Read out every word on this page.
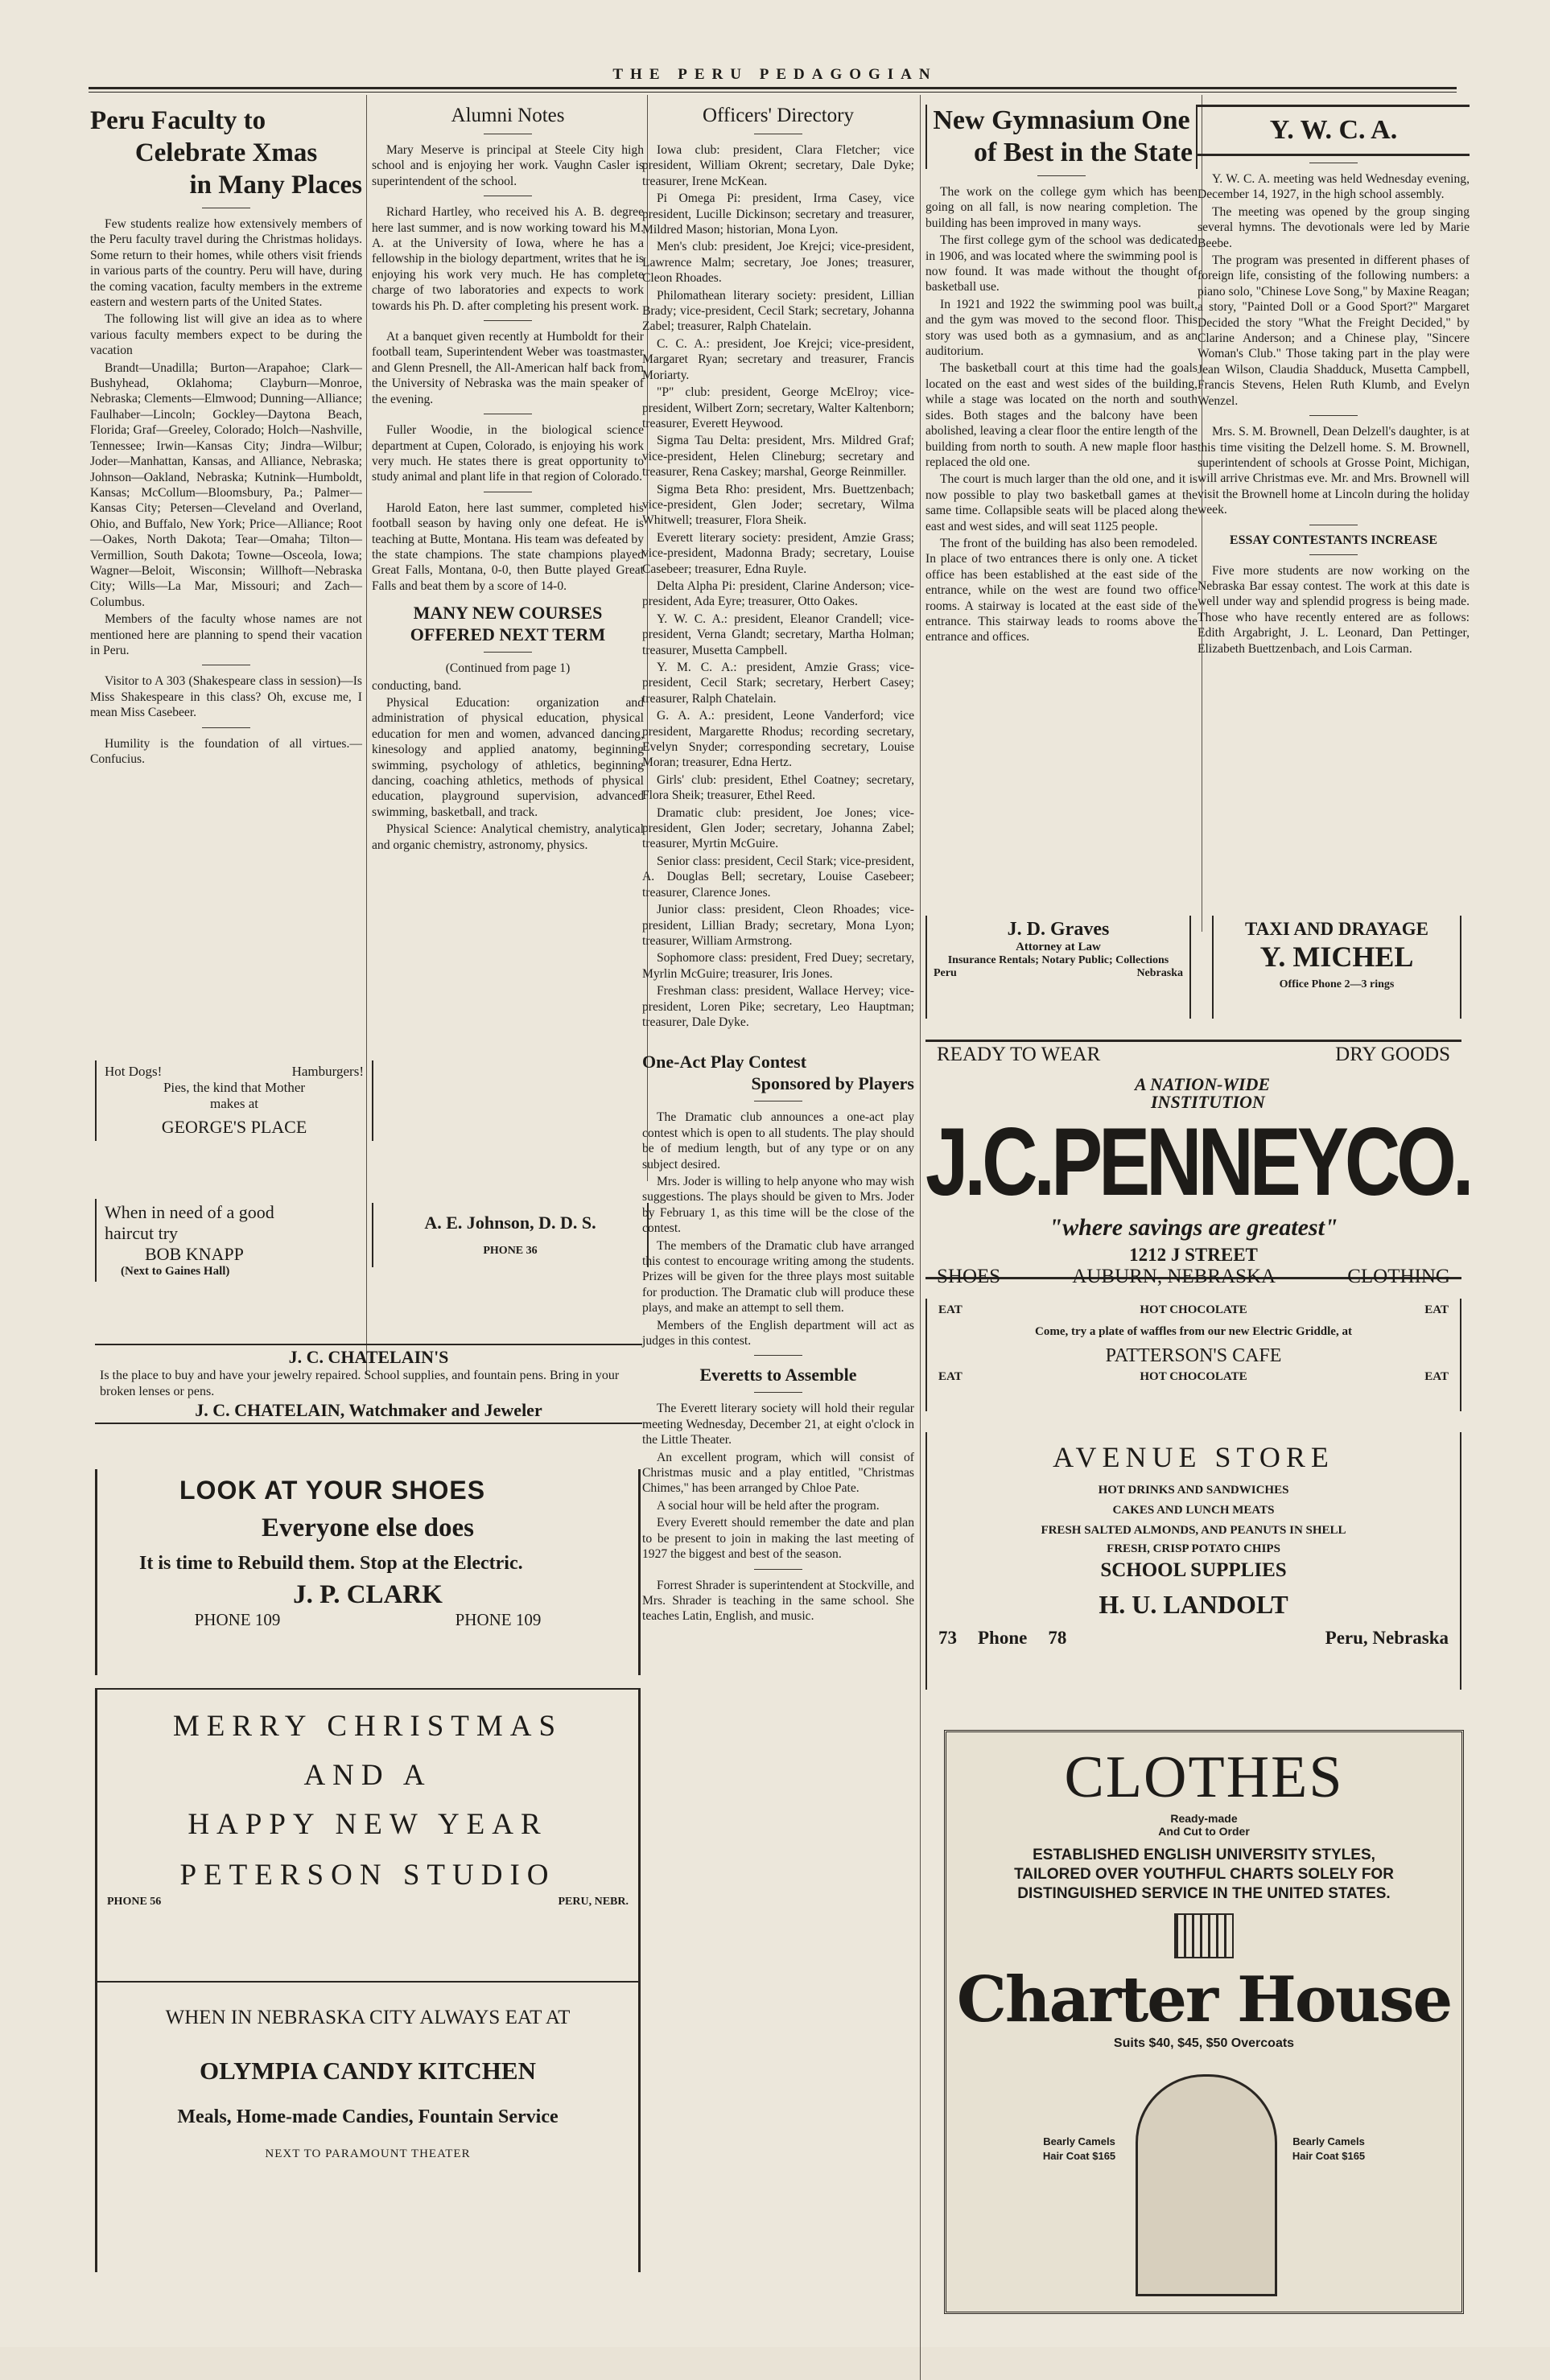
THE PERU PEDAGOGIAN
Peru Faculty to
Celebrate Xmas
in Many Places

Few students realize how extensively members of the Peru faculty travel during the Christmas holidays. Some return to their homes, while others visit friends in various parts of the country. Peru will have, during the coming vacation, faculty members in the extreme eastern and western parts of the United States.

The following list will give an idea as to where various faculty members expect to be during the vacation

Brandt—Unadilla; Burton—Arapahoe; Clark—Bushyhead, Oklahoma; Clayburn—Monroe, Nebraska; Clements—Elmwood; Dunning—Alliance; Faulhaber—Lincoln; Gockley—Daytona Beach, Florida; Graf—Greeley, Colorado; Holch—Nashville, Tennessee; Irwin—Kansas City; Jindra—Wilbur; Joder—Manhattan, Kansas, and Alliance, Nebraska; Johnson—Oakland, Nebraska; Kutnink—Humboldt, Kansas; McCollum—Bloomsbury, Pa.; Palmer—Kansas City; Petersen—Cleveland and Overland, Ohio, and Buffalo, New York; Price—Alliance; Root—Oakes, North Dakota; Tear—Omaha; Tilton—Vermillion, South Dakota; Towne—Osceola, Iowa; Wagner—Beloit, Wisconsin; Willhoft—Nebraska City; Wills—La Mar, Missouri; and Zach—Columbus.

Members of the faculty whose names are not mentioned here are planning to spend their vacation in Peru.

Visitor to A 303 (Shakespeare class in session)—Is Miss Shakespeare in this class? Oh, excuse me, I mean Miss Casebeer.

Humility is the foundation of all virtues.—Confucius.

Alumni Notes

Mary Meserve is principal at Steele City high school and is enjoying her work. Vaughn Casler is superintendent of the school.

Richard Hartley, who received his A. B. degree here last summer, and is now working toward his M. A. at the University of Iowa, where he has a fellowship in the biology department, writes that he is enjoying his work very much. He has complete charge of two laboratories and expects to work towards his Ph. D. after completing his present work.

At a banquet given recently at Humboldt for their football team, Superintendent Weber was toastmaster and Glenn Presnell, the All-American half back from the University of Nebraska was the main speaker of the evening.

Fuller Woodie, in the biological science department at Cupen, Colorado, is enjoying his work very much. He states there is great opportunity to study animal and plant life in that region of Colorado.

Harold Eaton, here last summer, completed his football season by having only one defeat. He is teaching at Butte, Montana. His team was defeated by the state champions. The state champions played Great Falls, Montana, 0-0, then Butte played Great Falls and beat them by a score of 14-0.

MANY NEW COURSES
OFFERED NEXT TERM

(Continued from page 1)

conducting, band.

Physical Education: organization and administration of physical education, physical education for men and women, advanced dancing, kinesology and applied anatomy, beginning swimming, psychology of athletics, beginning dancing, coaching athletics, methods of physical education, playground supervision, advanced swimming, basketball, and track.

Physical Science: Analytical chemistry, analytical and organic chemistry, astronomy, physics.

Hot Dogs!	Hamburgers!
Pies, the kind that Mother
makes at
GEORGE'S PLACE
When in need of a good
haircut try
BOB KNAPP
(Next to Gaines Hall)
A. E. Johnson, D. D. S.
PHONE 36
J. C. CHATELAIN'S
Is the place to buy and have your jewelry repaired. School supplies, and fountain pens. Bring in your broken lenses or pens.
J. C. CHATELAIN, Watchmaker and Jeweler
LOOK AT YOUR SHOES
Everyone else does
It is time to Rebuild them. Stop at the Electric.
J. P. CLARK
PHONE 109	PHONE 109
MERRY CHRISTMAS
AND A
HAPPY NEW YEAR
PETERSON STUDIO
PHONE 56	PERU, NEBR.
WHEN IN NEBRASKA CITY ALWAYS EAT AT
OLYMPIA CANDY KITCHEN
Meals, Home-made Candies, Fountain Service
NEXT TO PARAMOUNT THEATER
Officers' Directory

Iowa club: president, Clara Fletcher; vice president, William Okrent; secretary, Dale Dyke; treasurer, Irene McKean.

Pi Omega Pi: president, Irma Casey, vice president, Lucille Dickinson; secretary and treasurer, Mildred Mason; historian, Mona Lyon.

Men's club: president, Joe Krejci; vice-president, Lawrence Malm; secretary, Joe Jones; treasurer, Cleon Rhoades.

Philomathean literary society: president, Lillian Brady; vice-president, Cecil Stark; secretary, Johanna Zabel; treasurer, Ralph Chatelain.

C. C. A.: president, Joe Krejci; vice-president, Margaret Ryan; secretary and treasurer, Francis Moriarty.

"P" club: president, George McElroy; vice-president, Wilbert Zorn; secretary, Walter Kaltenborn; treasurer, Everett Heywood.

Sigma Tau Delta: president, Mrs. Mildred Graf; vice-president, Helen Clineburg; secretary and treasurer, Rena Caskey; marshal, George Reinmiller.

Sigma Beta Rho: president, Mrs. Buettzenbach; vice-president, Glen Joder; secretary, Wilma Whitwell; treasurer, Flora Sheik.

Everett literary society: president, Amzie Grass; vice-president, Madonna Brady; secretary, Louise Casebeer; treasurer, Edna Ruyle.

Delta Alpha Pi: president, Clarine Anderson; vice-president, Ada Eyre; treasurer, Otto Oakes.

Y. W. C. A.: president, Eleanor Crandell; vice-president, Verna Glandt; secretary, Martha Holman; treasurer, Musetta Campbell.

Y. M. C. A.: president, Amzie Grass; vice-president, Cecil Stark; secretary, Herbert Casey; treasurer, Ralph Chatelain.

G. A. A.: president, Leone Vanderford; vice president, Margarette Rhodus; recording secretary, Evelyn Snyder; corresponding secretary, Louise Moran; treasurer, Edna Hertz.

Girls' club: president, Ethel Coatney; secretary, Flora Sheik; treasurer, Ethel Reed.

Dramatic club: president, Joe Jones; vice-president, Glen Joder; secretary, Johanna Zabel; treasurer, Myrtin McGuire.

Senior class: president, Cecil Stark; vice-president, A. Douglas Bell; secretary, Louise Casebeer; treasurer, Clarence Jones.

Junior class: president, Cleon Rhoades; vice-president, Lillian Brady; secretary, Mona Lyon; treasurer, William Armstrong.

Sophomore class: president, Fred Duey; secretary, Myrlin McGuire; treasurer, Iris Jones.

Freshman class: president, Wallace Hervey; vice-president, Loren Pike; secretary, Leo Hauptman; treasurer, Dale Dyke.

One-Act Play Contest
Sponsored by Players

The Dramatic club announces a one-act play contest which is open to all students. The play should be of medium length, but of any type or on any subject desired.

Mrs. Joder is willing to help anyone who may wish suggestions. The plays should be given to Mrs. Joder by February 1, as this time will be the close of the contest.

The members of the Dramatic club have arranged this contest to encourage writing among the students. Prizes will be given for the three plays most suitable for production. The Dramatic club will produce these plays, and make an attempt to sell them.

Members of the English department will act as judges in this contest.

Everetts to Assemble

The Everett literary society will hold their regular meeting Wednesday, December 21, at eight o'clock in the Little Theater.

An excellent program, which will consist of Christmas music and a play entitled, "Christmas Chimes," has been arranged by Chloe Pate.

A social hour will be held after the program.

Every Everett should remember the date and plan to be present to join in making the last meeting of 1927 the biggest and best of the season.

Forrest Shrader is superintendent at Stockville, and Mrs. Shrader is teaching in the same school. She teaches Latin, English, and music.

New Gymnasium One
of Best in the State

The work on the college gym which has been going on all fall, is now nearing completion. The building has been improved in many ways.

The first college gym of the school was dedicated in 1906, and was located where the swimming pool is now found. It was made without the thought of basketball use.

In 1921 and 1922 the swimming pool was built, and the gym was moved to the second floor. This story was used both as a gymnasium, and as an auditorium.

The basketball court at this time had the goals located on the east and west sides of the building, while a stage was located on the north and south sides. Both stages and the balcony have been abolished, leaving a clear floor the entire length of the building from north to south. A new maple floor has replaced the old one.

The court is much larger than the old one, and it is now possible to play two basketball games at the same time. Collapsible seats will be placed along the east and west sides, and will seat 1125 people.

The front of the building has also been remodeled. In place of two entrances there is only one. A ticket office has been established at the east side of the entrance, while on the west are found two office rooms. A stairway is located at the east side of the entrance. This stairway leads to rooms above the entrance and offices.

Y. W. C. A.

Y. W. C. A. meeting was held Wednesday evening, December 14, 1927, in the high school assembly.

The meeting was opened by the group singing several hymns. The devotionals were led by Marie Beebe.

The program was presented in different phases of foreign life, consisting of the following numbers: a piano solo, "Chinese Love Song," by Maxine Reagan; a story, "Painted Doll or a Good Sport?" Margaret Decided the story "What the Freight Decided," by Clarine Anderson; and a Chinese play, "Sincere Woman's Club." Those taking part in the play were Jean Wilson, Claudia Shadduck, Musetta Campbell, Francis Stevens, Helen Ruth Klumb, and Evelyn Wenzel.

Mrs. S. M. Brownell, Dean Delzell's daughter, is at this time visiting the Delzell home. S. M. Brownell, superintendent of schools at Grosse Point, Michigan, will arrive Christmas eve. Mr. and Mrs. Brownell will visit the Brownell home at Lincoln during the holiday week.

ESSAY CONTESTANTS INCREASE

Five more students are now working on the Nebraska Bar essay contest. The work at this date is well under way and splendid progress is being made. Those who have recently entered are as follows: Edith Argabright, J. L. Leonard, Dan Pettinger, Elizabeth Buettzenbach, and Lois Carman.

J. D. Graves
Attorney at Law
Insurance Rentals; Notary Public; Collections
Peru	Nebraska
TAXI AND DRAYAGE
Y. MICHEL
Office Phone 2—3 rings
READY TO WEAR	DRY GOODS
A NATION-WIDE
INSTITUTION
J.C.PENNEYCO.
"where savings are greatest"
1212 J STREET
SHOES	AUBURN, NEBRASKA	CLOTHING
EAT	HOT CHOCOLATE	EAT
Come, try a plate of waffles from our new Electric Griddle, at
PATTERSON'S CAFE
EAT	HOT CHOCOLATE	EAT
AVENUE STORE
HOT DRINKS AND SANDWICHES
CAKES AND LUNCH MEATS
FRESH SALTED ALMONDS, AND PEANUTS IN SHELL
FRESH, CRISP POTATO CHIPS
SCHOOL SUPPLIES
H. U. LANDOLT
73 Phone 78	Peru, Nebraska
CLOTHES
Ready-made
And Cut to Order
ESTABLISHED ENGLISH UNIVERSITY STYLES, TAILORED OVER YOUTHFUL CHARTS SOLELY FOR DISTINGUISHED SERVICE IN THE UNITED STATES.
Charter House
Suits $40, $45, $50 Overcoats
Bearly Camels Hair Coat $165
Bearly Camels Hair Coat $165
